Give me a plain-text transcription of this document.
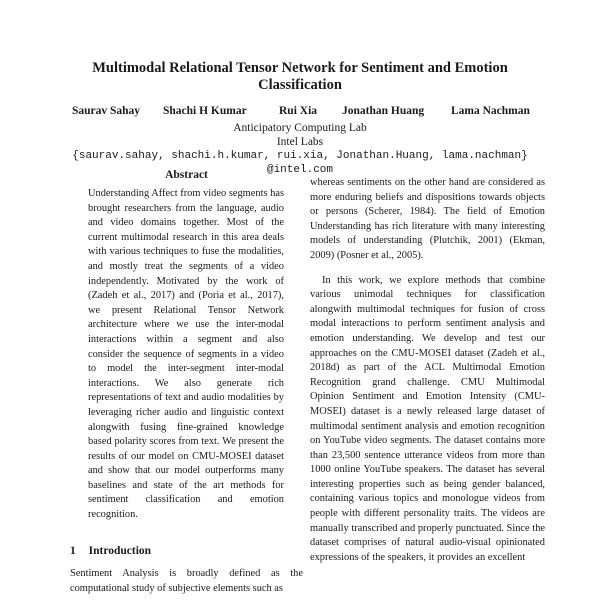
Multimodal Relational Tensor Network for Sentiment and Emotion Classification
Saurav Sahay Shachi H Kumar	Rui Xia Jonathan Huang Lama Nachman
Anticipatory Computing Lab
Intel Labs
{saurav.sahay, shachi.h.kumar, rui.xia, Jonathan.Huang, lama.nachman}
@intel.com
Abstract

Understanding Affect from video segments has brought researchers from the language, audio and video domains together. Most of the current multimodal research in this area deals with various techniques to fuse the modalities, and mostly treat the segments of a video independently. Motivated by the work of (Zadeh et al., 2017) and (Poria et al., 2017), we present Relational Tensor Network architecture where we use the inter-modal interactions within a segment and also consider the sequence of segments in a video to model the inter-segment inter-modal interactions. We also generate rich representations of text and audio modalities by leveraging richer audio and linguistic context alongwith fusing fine-grained knowledge based polarity scores from text. We present the results of our model on CMU-MOSEI dataset and show that our model outperforms many baselines and state of the art methods for sentiment classification and emotion recognition.

1 Introduction

Sentiment Analysis is broadly defined as the computational study of subjective elements such as

whereas sentiments on the other hand are considered as more enduring beliefs and dispositions towards objects or persons (Scherer, 1984). The field of Emotion Understanding has rich literature with many interesting models of understanding (Plutchik, 2001) (Ekman, 2009) (Posner et al., 2005).

In this work, we explore methods that combine various unimodal techniques for classification alongwith multimodal techniques for fusion of cross modal interactions to perform sentiment analysis and emotion understanding. We develop and test our approaches on the CMU-MOSEI dataset (Zadeh et al., 2018d) as part of the ACL Multimodal Emotion Recognition grand challenge. CMU Multimodal Opinion Sentiment and Emotion Intensity (CMU-MOSEI) dataset is a newly released large dataset of multimodal sentiment analysis and emotion recognition on YouTube video segments. The dataset contains more than 23,500 sentence utterance videos from more than 1000 online YouTube speakers. The dataset has several interesting properties such as being gender balanced, containing various topics and monologue videos from people with different personality traits. The videos are manually transcribed and properly punctuated. Since the dataset comprises of natural audio-visual opinionated expressions of the speakers, it provides an excellent
